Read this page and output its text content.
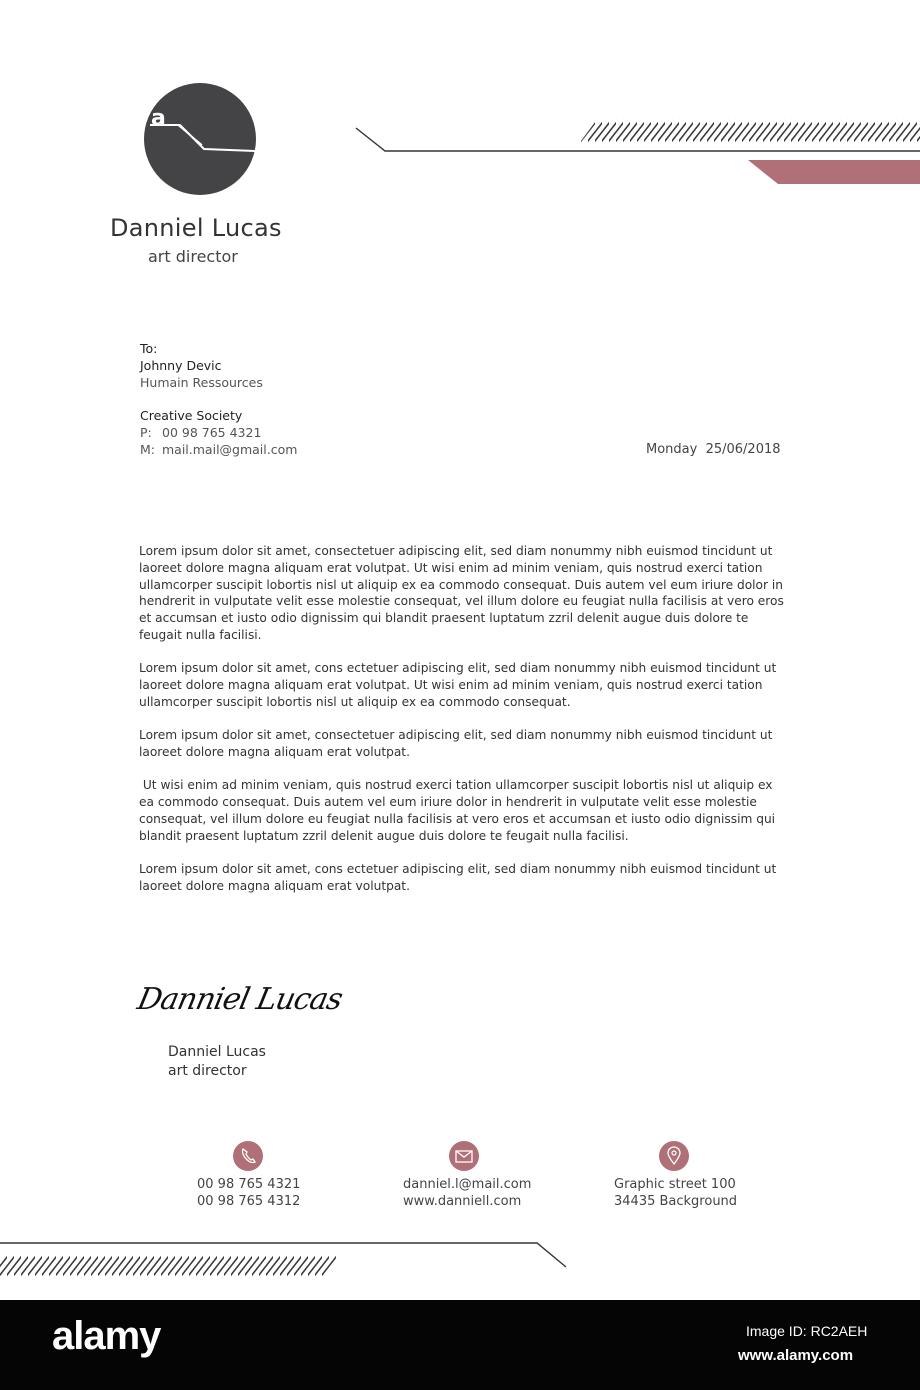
a
Danniel Lucas
art director
To:
Johnny Devic
Humain Ressources
Creative Society
P: 00 98 765 4321
M: mail.mail@gmail.com	Monday  25/06/2018

Lorem ipsum dolor sit amet, consectetuer adipiscing elit, sed diam nonummy nibh euismod tincidunt ut laoreet dolore magna aliquam erat volutpat. Ut wisi enim ad minim veniam, quis nostrud exerci tation ullamcorper suscipit lobortis nisl ut aliquip ex ea commodo consequat. Duis autem vel eum iriure dolor in hendrerit in vulputate velit esse molestie consequat, vel illum dolore eu feugiat nulla facilisis at vero eros et accumsan et iusto odio dignissim qui blandit praesent luptatum zzril delenit augue duis dolore te feugait nulla facilisi.

Lorem ipsum dolor sit amet, cons ectetuer adipiscing elit, sed diam nonummy nibh euismod tincidunt ut laoreet dolore magna aliquam erat volutpat. Ut wisi enim ad minim veniam, quis nostrud exerci tation ullamcorper suscipit lobortis nisl ut aliquip ex ea commodo consequat.

Lorem ipsum dolor sit amet, consectetuer adipiscing elit, sed diam nonummy nibh euismod tincidunt ut laoreet dolore magna aliquam erat volutpat.

Ut wisi enim ad minim veniam, quis nostrud exerci tation ullamcorper suscipit lobortis nisl ut aliquip ex ea commodo consequat. Duis autem vel eum iriure dolor in hendrerit in vulputate velit esse molestie consequat, vel illum dolore eu feugiat nulla facilisis at vero eros et accumsan et iusto odio dignissim qui blandit praesent luptatum zzril delenit augue duis dolore te feugait nulla facilisi.

Lorem ipsum dolor sit amet, cons ectetuer adipiscing elit, sed diam nonummy nibh euismod tincidunt ut laoreet dolore magna aliquam erat volutpat.

Danniel Lucas
Danniel Lucas
art director
00 98 765 4321
00 98 765 4312
danniel.l@mail.com
www.danniell.com
Graphic street 100
34435 Background
alamy	Image ID: RC2AEH
www.alamy.com
